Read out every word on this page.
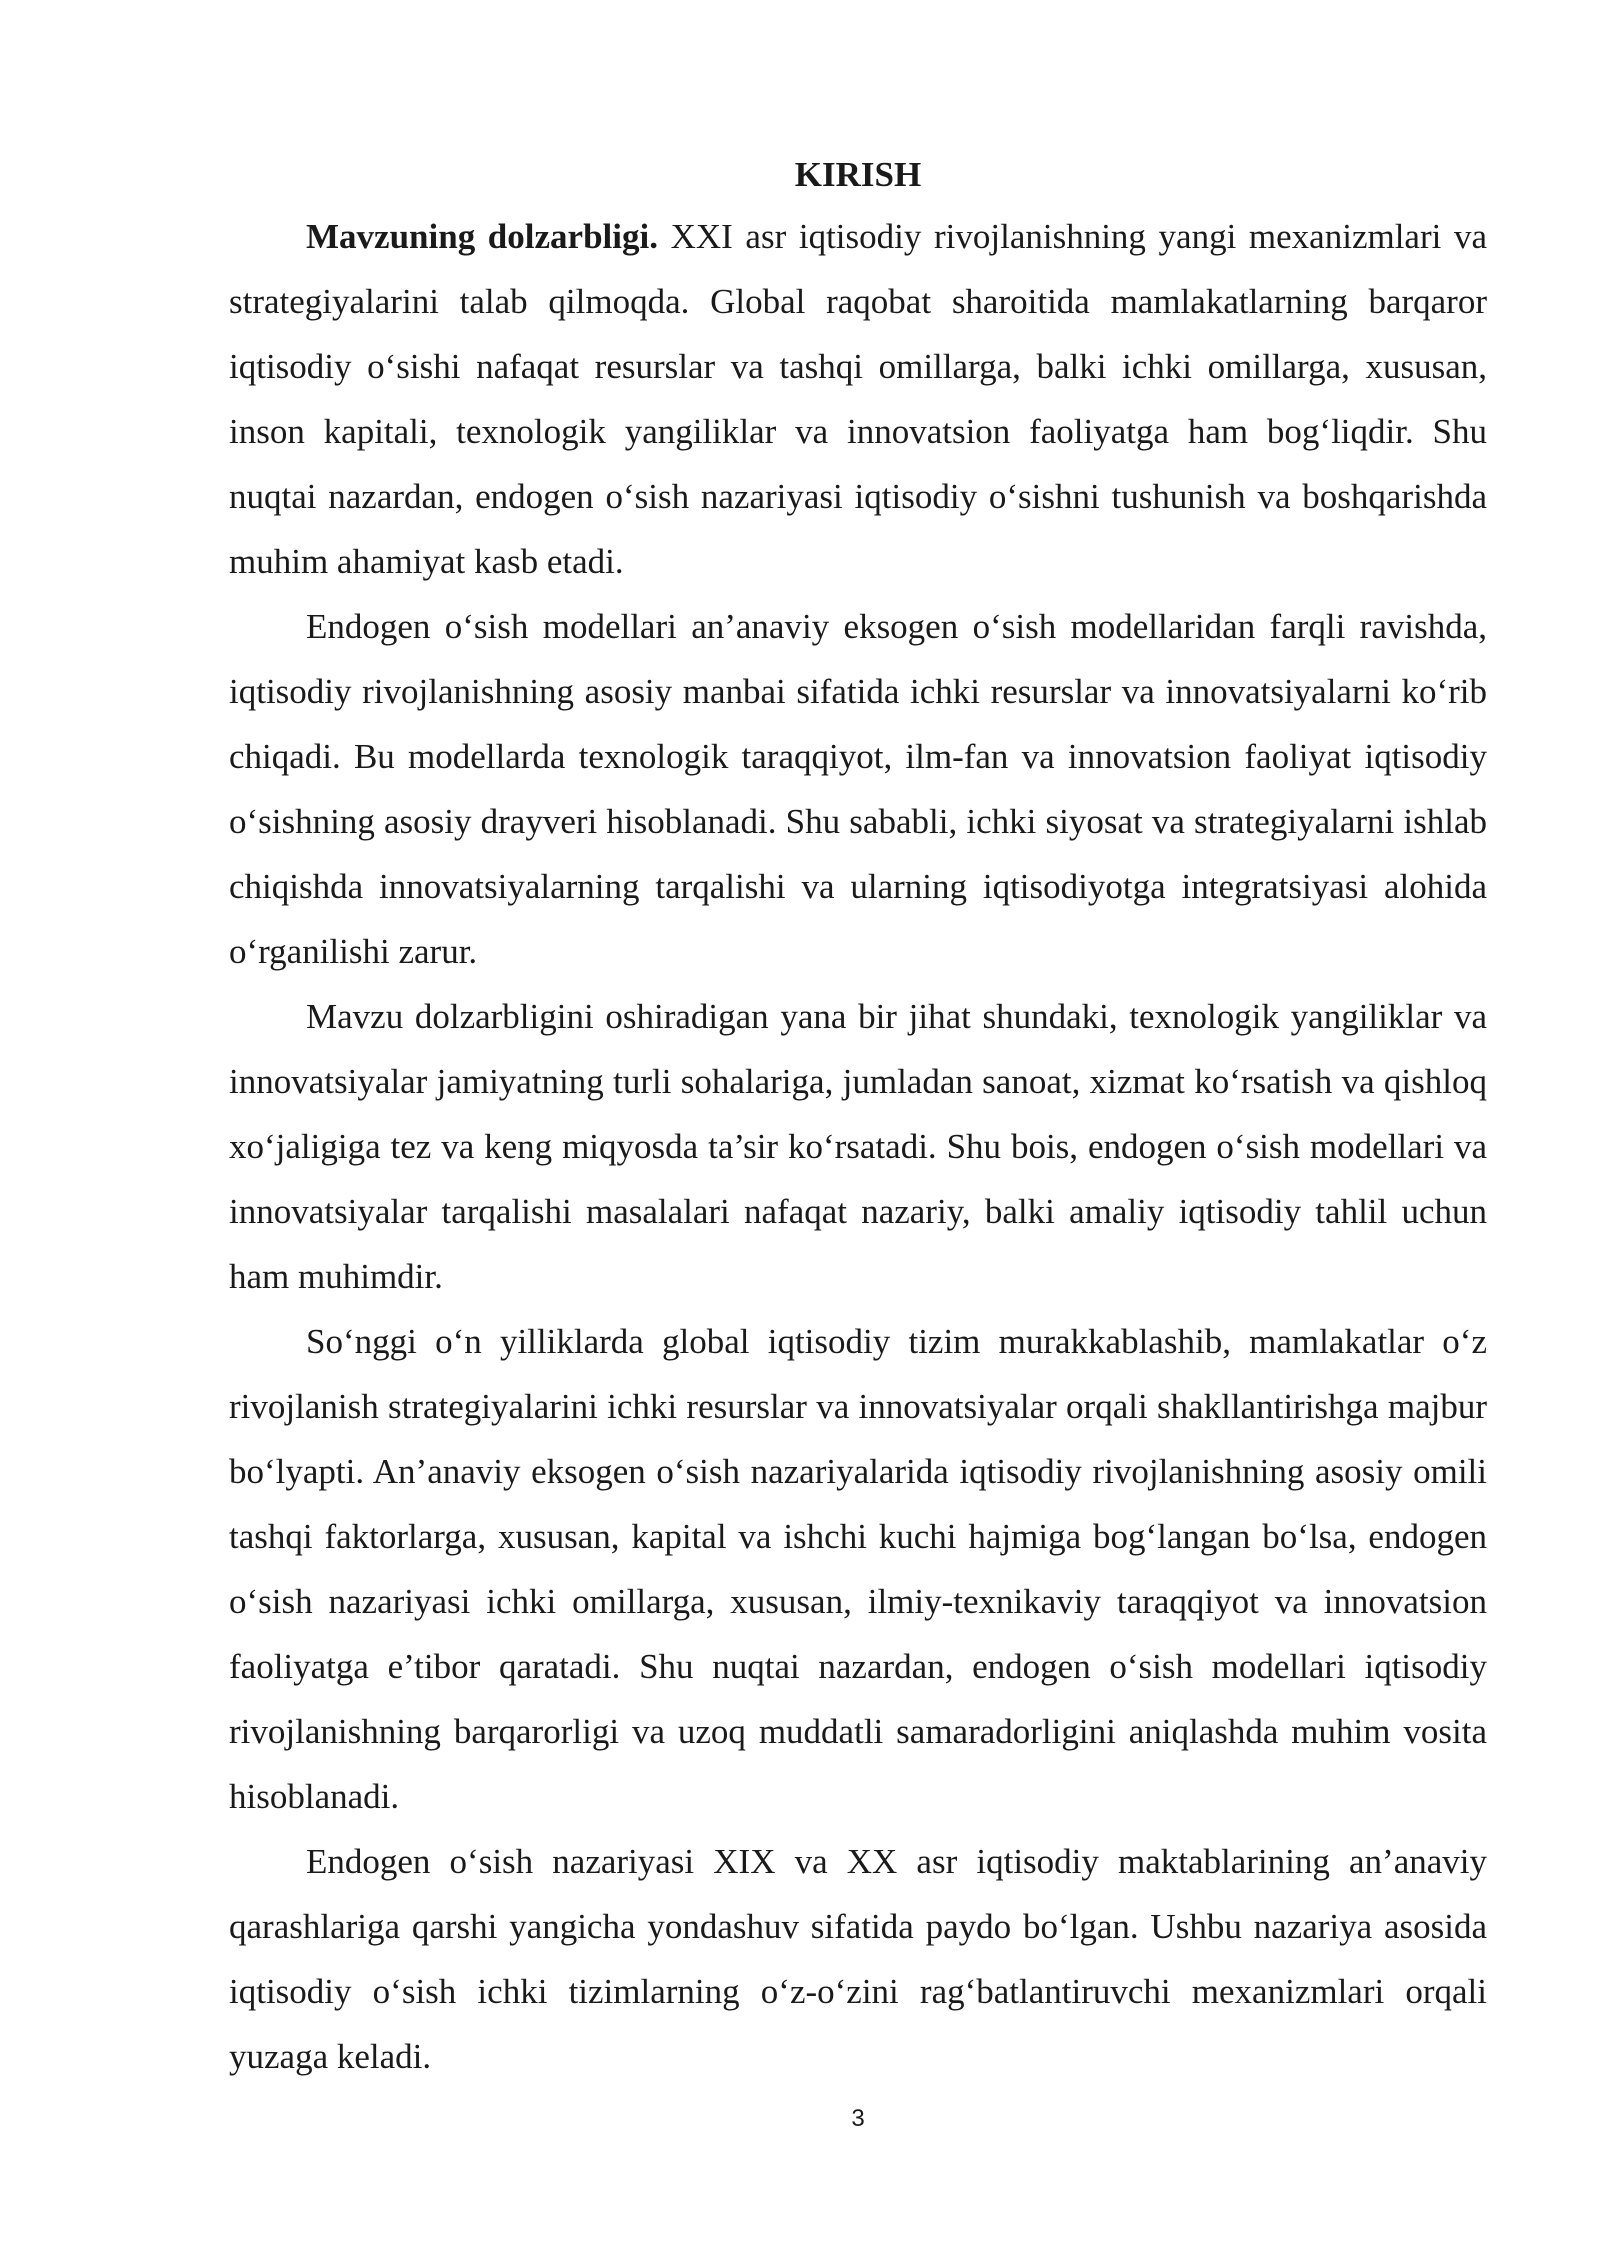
KIRISH

Mavzuning dolzarbligi. XXI asr iqtisodiy rivojlanishning yangi mexanizmlari va strategiyalarini talab qilmoqda. Global raqobat sharoitida mamlakatlarning barqaror iqtisodiy o‘sishi nafaqat resurslar va tashqi omillarga, balki ichki omillarga, xususan, inson kapitali, texnologik yangiliklar va innovatsion faoliyatga ham bog‘liqdir. Shu nuqtai nazardan, endogen o‘sish nazariyasi iqtisodiy o‘sishni tushunish va boshqarishda muhim ahamiyat kasb etadi.

Endogen o‘sish modellari an’anaviy eksogen o‘sish modellaridan farqli ravishda, iqtisodiy rivojlanishning asosiy manbai sifatida ichki resurslar va innovatsiyalarni ko‘rib chiqadi. Bu modellarda texnologik taraqqiyot, ilm-fan va innovatsion faoliyat iqtisodiy o‘sishning asosiy drayveri hisoblanadi. Shu sababli, ichki siyosat va strategiyalarni ishlab chiqishda innovatsiyalarning tarqalishi va ularning iqtisodiyotga integratsiyasi alohida o‘rganilishi zarur.

Mavzu dolzarbligini oshiradigan yana bir jihat shundaki, texnologik yangiliklar va innovatsiyalar jamiyatning turli sohalariga, jumladan sanoat, xizmat ko‘rsatish va qishloq xo‘jaligiga tez va keng miqyosda ta’sir ko‘rsatadi. Shu bois, endogen o‘sish modellari va innovatsiyalar tarqalishi masalalari nafaqat nazariy, balki amaliy iqtisodiy tahlil uchun ham muhimdir.

So‘nggi o‘n yilliklarda global iqtisodiy tizim murakkablashib, mamlakatlar o‘z rivojlanish strategiyalarini ichki resurslar va innovatsiyalar orqali shakllantirishga majbur bo‘lyapti. An’anaviy eksogen o‘sish nazariyalarida iqtisodiy rivojlanishning asosiy omili tashqi faktorlarga, xususan, kapital va ishchi kuchi hajmiga bog‘langan bo‘lsa, endogen o‘sish nazariyasi ichki omillarga, xususan, ilmiy-texnikaviy taraqqiyot va innovatsion faoliyatga e’tibor qaratadi. Shu nuqtai nazardan, endogen o‘sish modellari iqtisodiy rivojlanishning barqarorligi va uzoq muddatli samaradorligini aniqlashda muhim vosita hisoblanadi.

Endogen o‘sish nazariyasi XIX va XX asr iqtisodiy maktablarining an’anaviy qarashlariga qarshi yangicha yondashuv sifatida paydo bo‘lgan. Ushbu nazariya asosida iqtisodiy o‘sish ichki tizimlarning o‘z-o‘zini rag‘batlantiruvchi mexanizmlari orqali yuzaga keladi.

3
